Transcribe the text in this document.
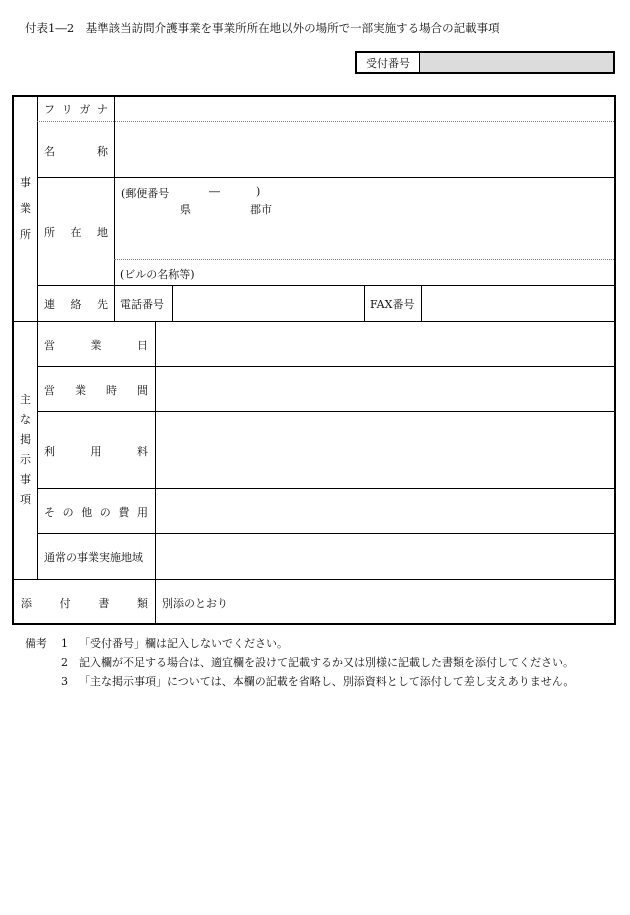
付表1―2　基準該当訪問介護事業を事業所所在地以外の場所で一部実施する場合の記載事項
受付番号
事
業
所
フ リ ガ ナ
名	称
所 在 地
(郵便番号	―	)
県	郡市
(ビルの名称等)
連 絡 先 電話番号	FAX番号
主
な
掲
示
事
項
営	業	日
営 業 時 間
利	用	料
そ の 他 の 費 用
通常の事業実施地域
添	付	書	類 別添のとおり
備考	1	「受付番号」欄は記入しないでください。
2	記入欄が不足する場合は、適宜欄を設けて記載するか又は別様に記載した書類を添付してください。
3	「主な掲示事項」については、本欄の記載を省略し、別添資料として添付して差し支えありません。
